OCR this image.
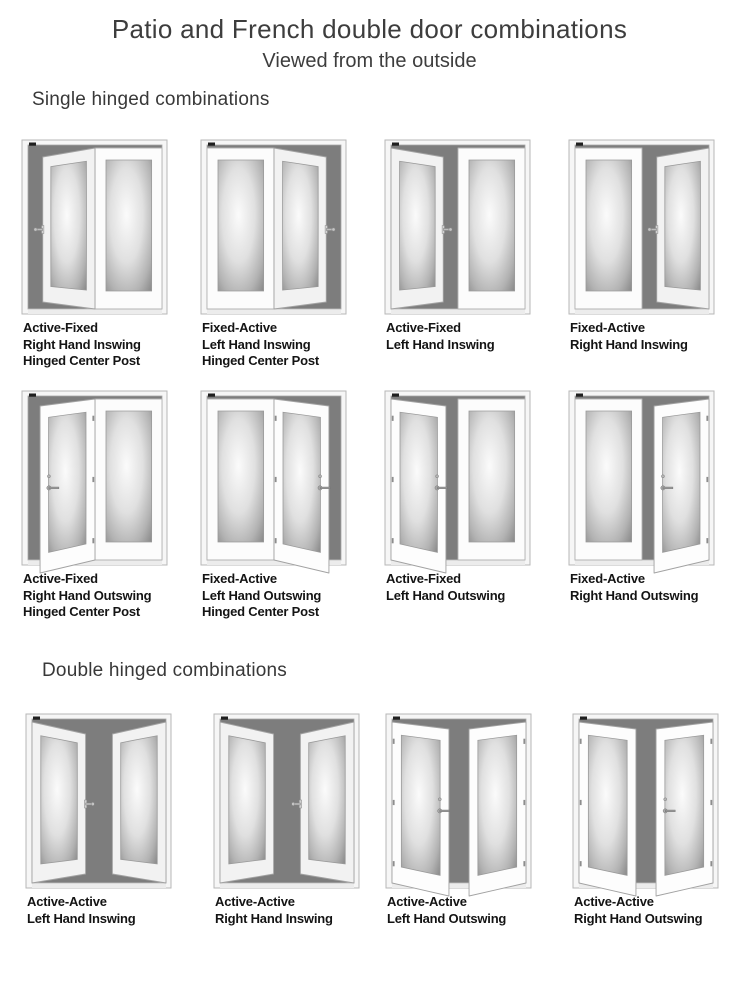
Patio and French double door combinations
Viewed from the outside
Single hinged combinations
Active-Fixed
Right Hand Inswing
Hinged Center Post
Fixed-Active
Left Hand Inswing
Hinged Center Post
Active-Fixed
Left Hand Inswing
Fixed-Active
Right Hand Inswing
Active-Fixed
Right Hand Outswing
Hinged Center Post
Fixed-Active
Left Hand Outswing
Hinged Center Post
Active-Fixed
Left Hand Outswing
Fixed-Active
Right Hand Outswing
Double hinged combinations
Active-Active
Left Hand Inswing
Active-Active
Right Hand Inswing
Active-Active
Left Hand Outswing
Active-Active
Right Hand Outswing
